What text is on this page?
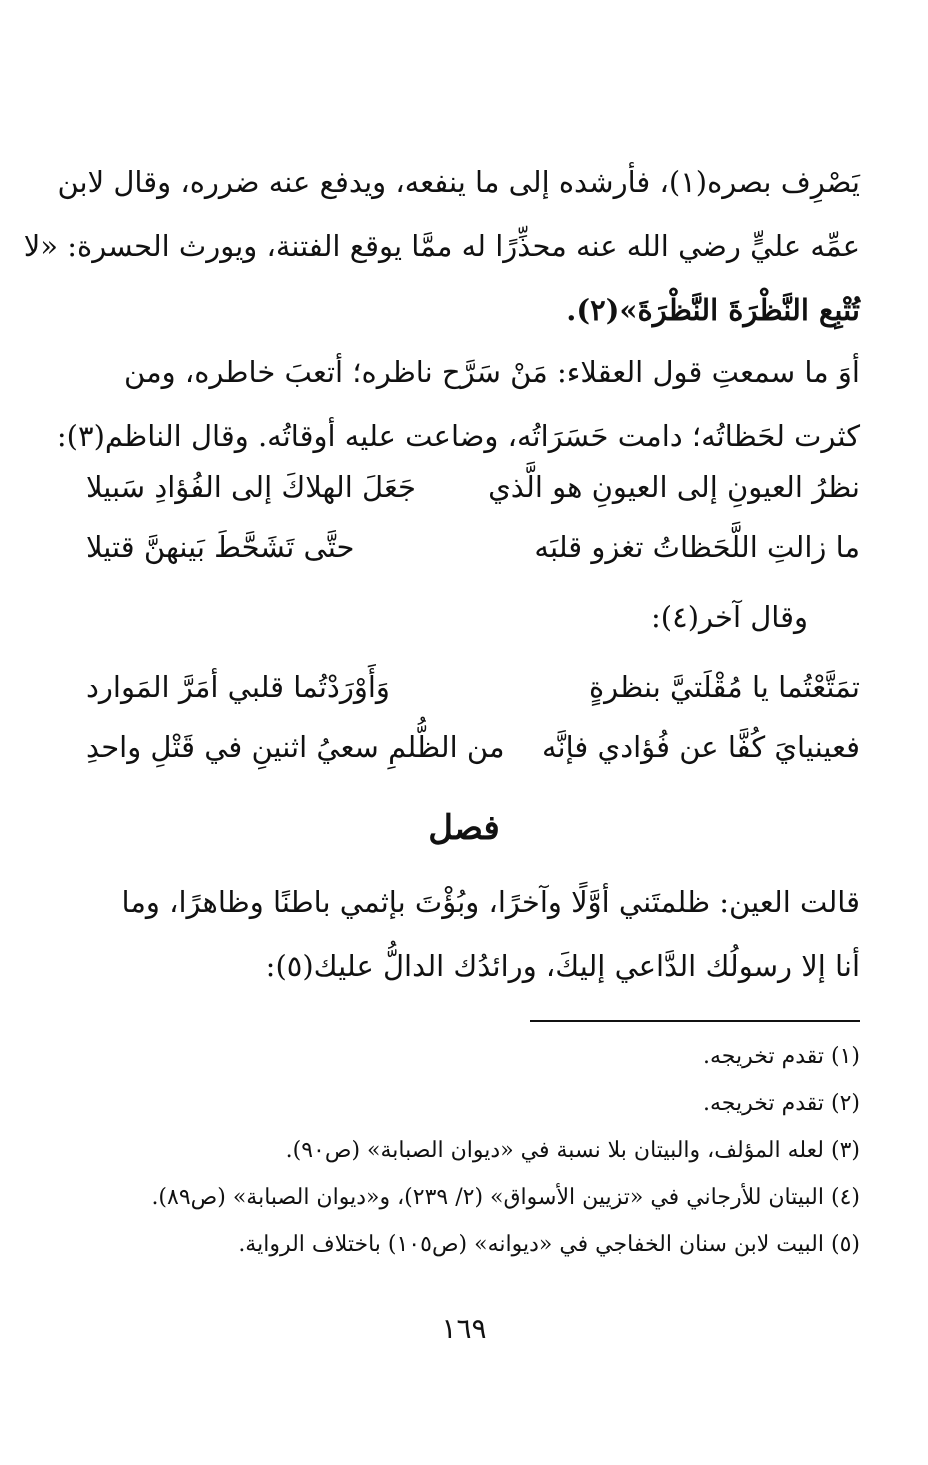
يَصْرِف بصره(١)، فأرشده إلى ما ينفعه، ويدفع عنه ضرره، وقال لابن
عمِّه عليٍّ رضي الله عنه محذِّرًا له ممَّا يوقع الفتنة، ويورث الحسرة: «لا
تُتْبِع النَّظْرَةَ النَّظْرَةَ»(٢).

أوَ ما سمعتِ قول العقلاء: مَنْ سَرَّح ناظره؛ أتعبَ خاطره، ومن
كثرت لحَظاتُه؛ دامت حَسَرَاتُه، وضاعت عليه أوقاتُه. وقال الناظم(٣):

نظرُ العيونِ إلى العيونِ هو الَّذي
جَعَلَ الهلاكَ إلى الفُؤادِ سَبيلا
ما زالتِ اللَّحَظاتُ تغزو قلبَه
حتَّى تَشَحَّطَ بَينهنَّ قتيلا
وقال آخر(٤):
تمَتَّعْتُما يا مُقْلَتيَّ بنظرةٍ
وَأَوْرَدْتُما قلبي أمَرَّ المَوارد
فعينيايَ كُفَّا عن فُؤادي فإنَّه
من الظُّلمِ سعيُ اثنينِ في قَتْلِ واحدِ
فصل

قالت العين: ظلمتَني أوَّلًا وآخرًا، وبُؤْتَ بإثمي باطنًا وظاهرًا، وما
أنا إلا رسولُك الدَّاعي إليكَ، ورائدُك الدالُّ عليك(٥):

(١) تقدم تخريجه.
(٢) تقدم تخريجه.
(٣) لعله المؤلف، والبيتان بلا نسبة في «ديوان الصبابة» (ص٩٠).
(٤) البيتان للأرجاني في «تزيين الأسواق» (٢/ ٢٣٩)، و«ديوان الصبابة» (ص٨٩).
(٥) البيت لابن سنان الخفاجي في «ديوانه» (ص١٠٥) باختلاف الرواية.
١٦٩
